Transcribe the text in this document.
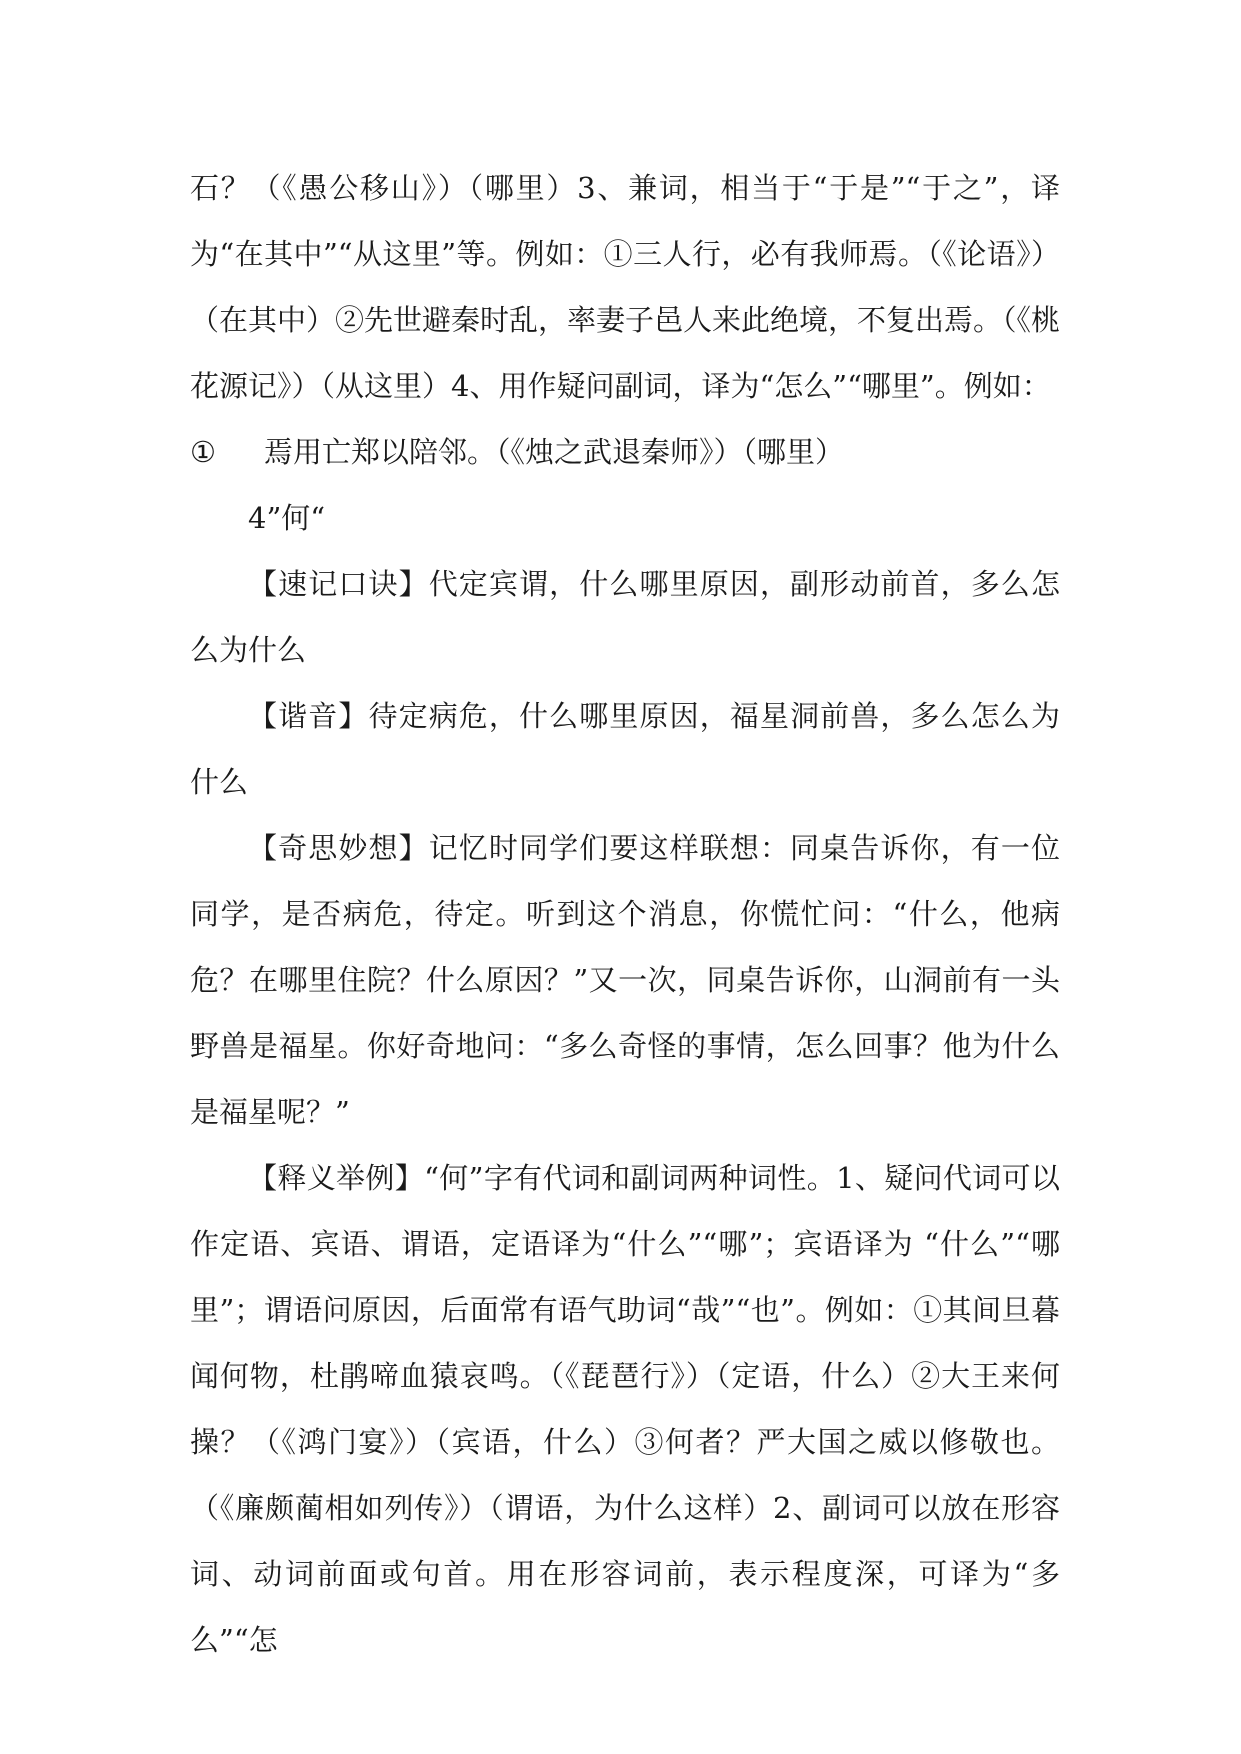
石？（《愚公移山》）（哪里）3、兼词，相当于“于是”“于之”，译为“在其中”“从这里”等。例如：①三人行，必有我师焉。（《论语》）（在其中）②先世避秦时乱，率妻子邑人来此绝境，不复出焉。（《桃花源记》）（从这里）4、用作疑问副词，译为“怎么”“哪里”。例如：

①	焉用亡郑以陪邻。（《烛之武退秦师》）（哪里）

4”何“

【速记口诀】代定宾谓，什么哪里原因，副形动前首，多么怎么为什么

【谐音】待定病危，什么哪里原因，福星洞前兽，多么怎么为什么

【奇思妙想】记忆时同学们要这样联想：同桌告诉你，有一位同学，是否病危，待定。听到这个消息，你慌忙问：“什么，他病危？在哪里住院？什么原因？”又一次，同桌告诉你，山洞前有一头野兽是福星。你好奇地问：“多么奇怪的事情，怎么回事？他为什么是福星呢？”

【释义举例】“何”字有代词和副词两种词性。1、疑问代词可以作定语、宾语、谓语，定语译为“什么”“哪”；宾语译为 “什么”“哪里”；谓语问原因，后面常有语气助词“哉”“也”。例如：①其间旦暮闻何物，杜鹃啼血猿哀鸣。（《琵琶行》）（定语，什么）②大王来何操？（《鸿门宴》）（宾语，什么）③何者？严大国之威以修敬也。（《廉颇蔺相如列传》）（谓语，为什么这样）2、副词可以放在形容词、动词前面或句首。用在形容词前，表示程度深，可译为“多么”“怎
